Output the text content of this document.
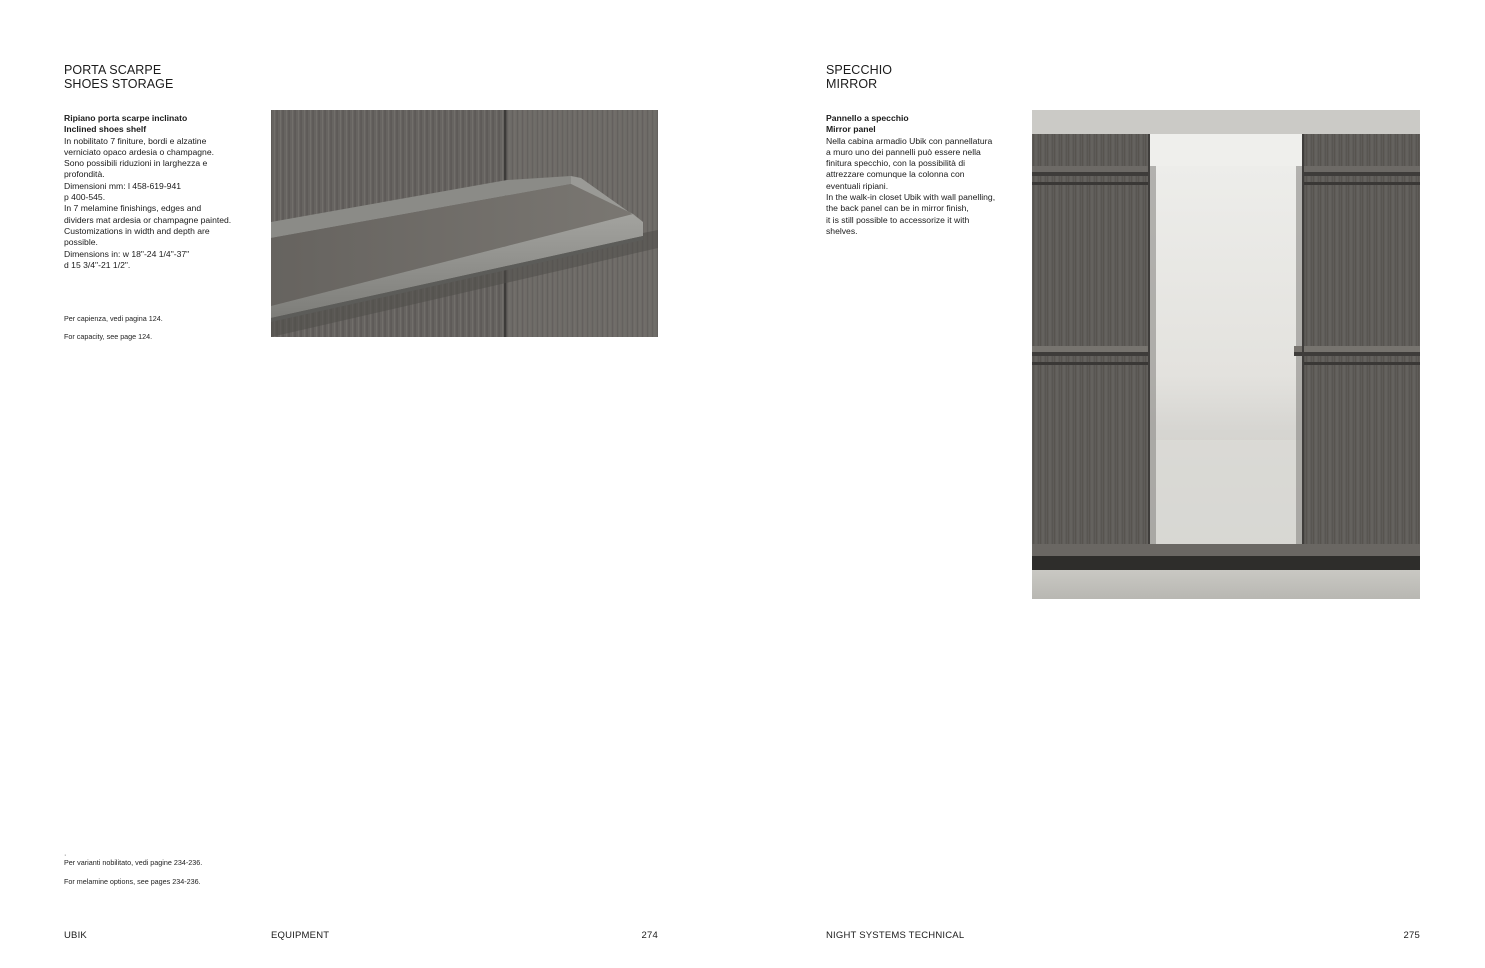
PORTA SCARPE
SHOES STORAGE
Ripiano porta scarpe inclinato
Inclined shoes shelf
In nobilitato 7 finiture, bordi e alzatine
verniciato opaco ardesia o champagne.
Sono possibili riduzioni in larghezza e
profondità.
Dimensioni mm: l 458-619-941
p 400-545.
In 7 melamine finishings, edges and
dividers mat ardesia or champagne painted.
Customizations in width and depth are
possible.
Dimensions in: w 18"-24 1/4"-37"
d 15 3/4"-21 1/2".
Per capienza, vedi pagina 124.
For capacity, see page 124.
·
Per varianti nobilitato, vedi pagine 234-236.
For melamine options, see pages 234-236.
SPECCHIO
MIRROR
Pannello a specchio
Mirror panel
Nella cabina armadio Ubik con pannellatura
a muro uno dei pannelli può essere nella
finitura specchio, con la possibilità di
attrezzare comunque la colonna con
eventuali ripiani.
In the walk-in closet Ubik with wall panelling,
the back panel can be in mirror finish,
it is still possible to accessorize it with
shelves.
UBIK	EQUIPMENT	274	NIGHT SYSTEMS TECHNICAL	275
